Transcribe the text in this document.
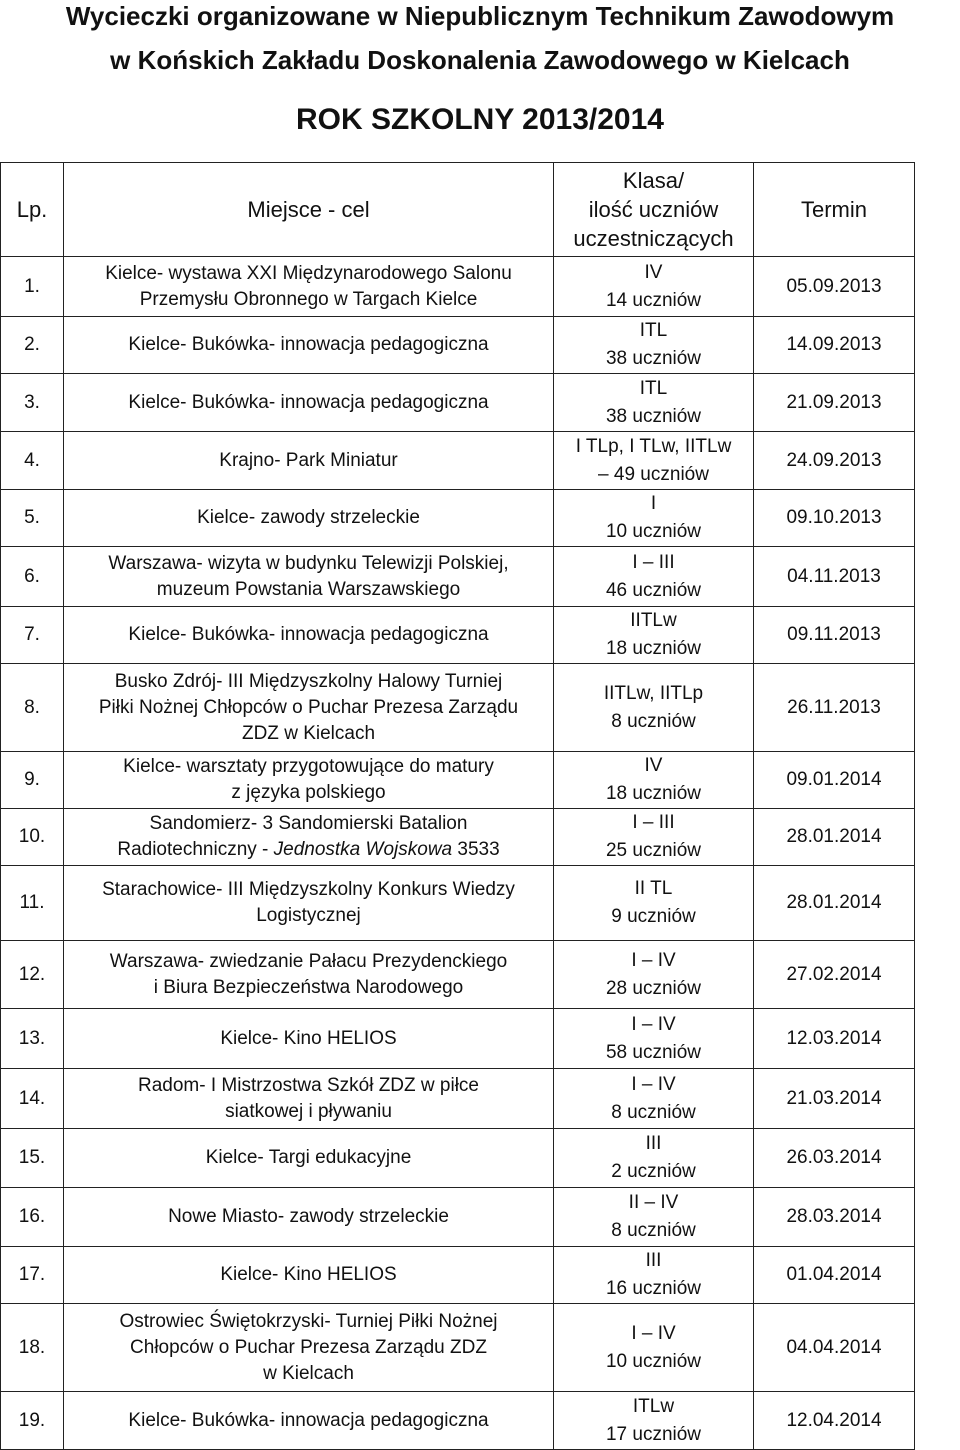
Wycieczki organizowane w Niepublicznym Technikum Zawodowym
w Końskich Zakładu Doskonalenia Zawodowego w Kielcach
ROK SZKOLNY 2013/2014
Lp.	Miejsce - cel	Klasa/
ilość uczniów
uczestniczących	Termin
1.	Kielce- wystawa XXI Międzynarodowego Salonu
Przemysłu Obronnego w Targach Kielce	IV
14 uczniów	05.09.2013
2.	Kielce- Bukówka- innowacja pedagogiczna	ITL
38 uczniów	14.09.2013
3.	Kielce- Bukówka- innowacja pedagogiczna	ITL
38 uczniów	21.09.2013
4.	Krajno- Park Miniatur	I TLp, I TLw, IITLw
– 49 uczniów	24.09.2013
5.	Kielce- zawody strzeleckie	I
10 uczniów	09.10.2013
6.	Warszawa- wizyta w budynku Telewizji Polskiej,
muzeum Powstania Warszawskiego	I – III
46 uczniów	04.11.2013
7.	Kielce- Bukówka- innowacja pedagogiczna	IITLw
18 uczniów	09.11.2013
8.	Busko Zdrój- III Międzyszkolny Halowy Turniej
Piłki Nożnej Chłopców o Puchar Prezesa Zarządu
ZDZ w Kielcach	IITLw, IITLp
8 uczniów	26.11.2013
9.	Kielce- warsztaty przygotowujące do matury
z języka polskiego	IV
18 uczniów	09.01.2014
10.	Sandomierz- 3 Sandomierski Batalion
Radiotechniczny - Jednostka Wojskowa 3533	I – III
25 uczniów	28.01.2014
11.	Starachowice- III Międzyszkolny Konkurs Wiedzy
Logistycznej	II TL
9 uczniów	28.01.2014
12.	Warszawa- zwiedzanie Pałacu Prezydenckiego
i Biura Bezpieczeństwa Narodowego	I – IV
28 uczniów	27.02.2014
13.	Kielce- Kino HELIOS	I – IV
58 uczniów	12.03.2014
14.	Radom- I Mistrzostwa Szkół ZDZ w piłce
siatkowej i pływaniu	I – IV
8 uczniów	21.03.2014
15.	Kielce- Targi edukacyjne	III
2 uczniów	26.03.2014
16.	Nowe Miasto- zawody strzeleckie	II – IV
8 uczniów	28.03.2014
17.	Kielce- Kino HELIOS	III
16 uczniów	01.04.2014
18.	Ostrowiec Świętokrzyski- Turniej Piłki Nożnej
Chłopców o Puchar Prezesa Zarządu ZDZ
w Kielcach	I – IV
10 uczniów	04.04.2014
19.	Kielce- Bukówka- innowacja pedagogiczna	ITLw
17 uczniów	12.04.2014
